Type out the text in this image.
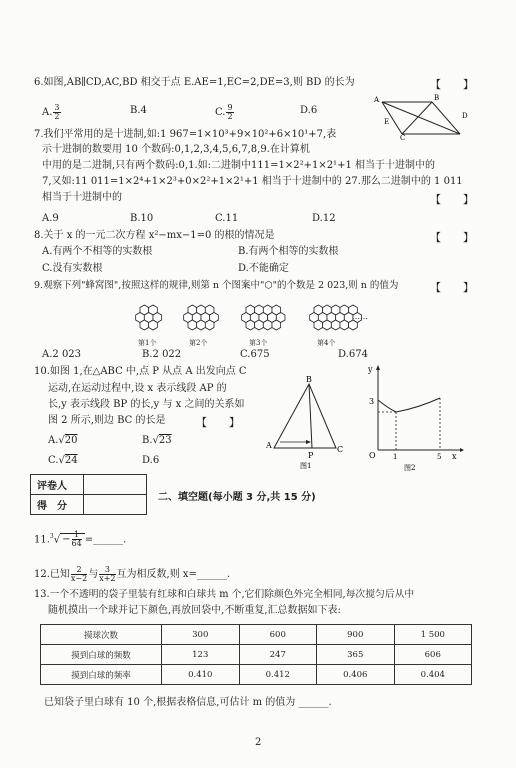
6.如图,AB∥CD,AC,BD 相交于点 E.AE=1,EC=2,DE=3,则 BD 的长为	【　　】
A. $\frac{3}{2}$	B.4	C. $\frac{9}{2}$	D.6
A	B
E
C
D
7.我们平常用的是十进制,如:1 967=1×10³+9×10²+6×10¹+7,表
示十进制的数要用 10 个数码:0,1,2,3,4,5,6,7,8,9.在计算机
中用的是二进制,只有两个数码:0,1.如:二进制中111=1×2²+1×2¹+1 相当于十进制中的
7,又如:11 011=1×2⁴+1×2³+0×2²+1×2¹+1 相当于十进制中的 27.那么二进制中的 1 011
相当于十进制中的	【　　】
A.9	B.10	C.11	D.12
8.关于 x 的一元二次方程 x²−mx−1=0 的根的情况是	【　　】
A.有两个不相等的实数根	B.有两个相等的实数根
C.没有实数根	D.不能确定
9.观察下列"蜂窝图",按照这样的规律,则第 n 个图案中"⬡"的个数是 2 023,则 n 的值为	【　　】
第1个	第2个	第3个	第4个
……
A.2 023	B.2 022	C.675	D.674
10.如图 1,在△ABC 中,点 P 从点 A 出发向点 C
运动,在运动过程中,设 x 表示线段 AP 的
长,y 表示线段 BP 的长,y 与 x 之间的关系如
图 2 所示,则边 BC 的长是	【　　】
A.√20	B.√23
C.√24	D.6
A
B
C
P
图1
y
3
O 1	5 x
图2
评卷人	
得　分	
二、填空题(每小题 3 分,共 15 分)
$11.^3√ - \frac{1}{64}$ =______.
12.已知 $\frac{2}{x-2}$ 与 $\frac{3}{x+2}$ 互为相反数,则 x=______.
13.一个不透明的袋子里装有红球和白球共 m 个,它们除颜色外完全相同,每次搅匀后从中
随机摸出一个球并记下颜色,再放回袋中,不断重复,汇总数据如下表:
摸球次数	300	600	900	1 500
摸到白球的频数	123	247	365	606
摸到白球的频率	0.410	0.412	0.406	0.404
已知袋子里白球有 10 个,根据表格信息,可估计 m 的值为 ______.
2
